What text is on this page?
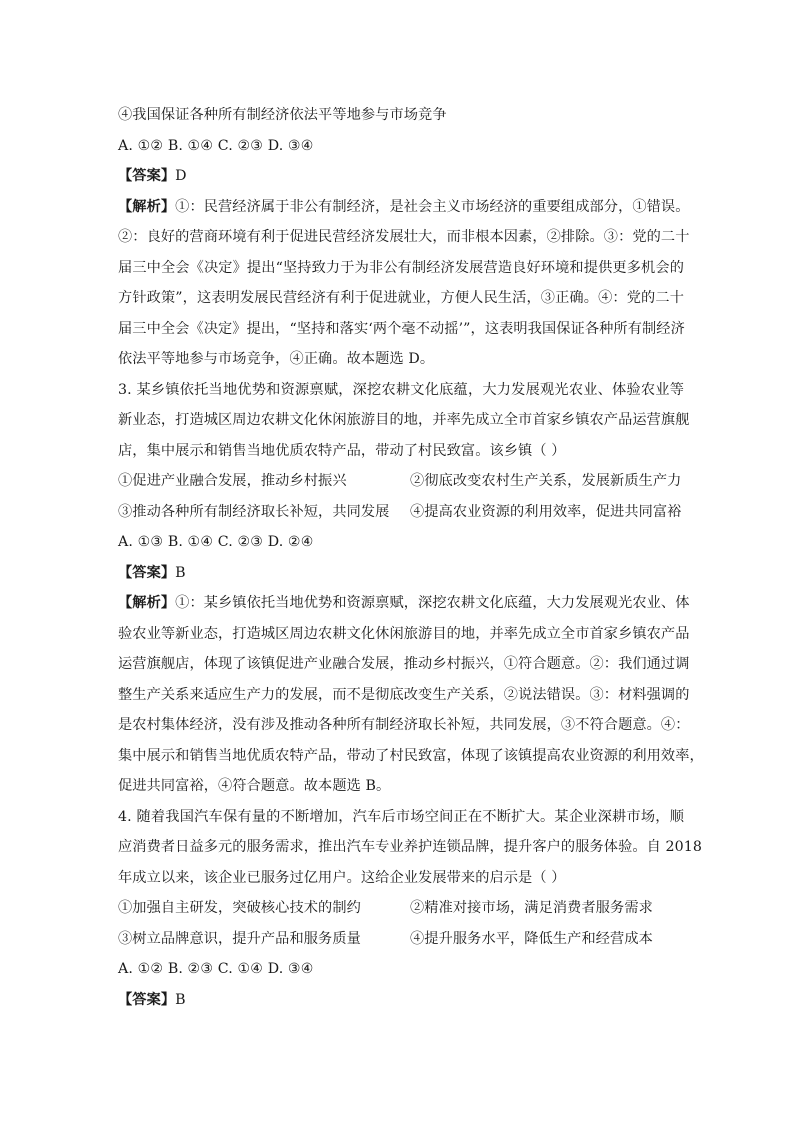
④我国保证各种所有制经济依法平等地参与市场竞争
A. ①② B. ①④ C. ②③ D. ③④
【答案】D
【解析】①：民营经济属于非公有制经济，是社会主义市场经济的重要组成部分，①错误。
②：良好的营商环境有利于促进民营经济发展壮大，而非根本因素，②排除。③：党的二十
届三中全会《决定》提出“坚持致力于为非公有制经济发展营造良好环境和提供更多机会的
方针政策”，这表明发展民营经济有利于促进就业，方便人民生活，③正确。④：党的二十
届三中全会《决定》提出，“坚持和落实‘两个毫不动摇’”，这表明我国保证各种所有制经济
依法平等地参与市场竞争，④正确。故本题选 D。
3. 某乡镇依托当地优势和资源禀赋，深挖农耕文化底蕴，大力发展观光农业、体验农业等
新业态，打造城区周边农耕文化休闲旅游目的地，并率先成立全市首家乡镇农产品运营旗舰
店，集中展示和销售当地优质农特产品，带动了村民致富。该乡镇（ ）
①促进产业融合发展，推动乡村振兴	②彻底改变农村生产关系，发展新质生产力
③推动各种所有制经济取长补短，共同发展	④提高农业资源的利用效率，促进共同富裕
A. ①③ B. ①④ C. ②③ D. ②④
【答案】B
【解析】①：某乡镇依托当地优势和资源禀赋，深挖农耕文化底蕴，大力发展观光农业、体
验农业等新业态，打造城区周边农耕文化休闲旅游目的地，并率先成立全市首家乡镇农产品
运营旗舰店，体现了该镇促进产业融合发展，推动乡村振兴，①符合题意。②：我们通过调
整生产关系来适应生产力的发展，而不是彻底改变生产关系，②说法错误。③：材料强调的
是农村集体经济，没有涉及推动各种所有制经济取长补短，共同发展，③不符合题意。④：
集中展示和销售当地优质农特产品，带动了村民致富，体现了该镇提高农业资源的利用效率，
促进共同富裕，④符合题意。故本题选 B。
4. 随着我国汽车保有量的不断增加，汽车后市场空间正在不断扩大。某企业深耕市场，顺
应消费者日益多元的服务需求，推出汽车专业养护连锁品牌，提升客户的服务体验。自 2018
年成立以来，该企业已服务过亿用户。这给企业发展带来的启示是（ ）
①加强自主研发，突破核心技术的制约	②精准对接市场，满足消费者服务需求
③树立品牌意识，提升产品和服务质量	④提升服务水平，降低生产和经营成本
A. ①② B. ②③ C. ①④ D. ③④
【答案】B
